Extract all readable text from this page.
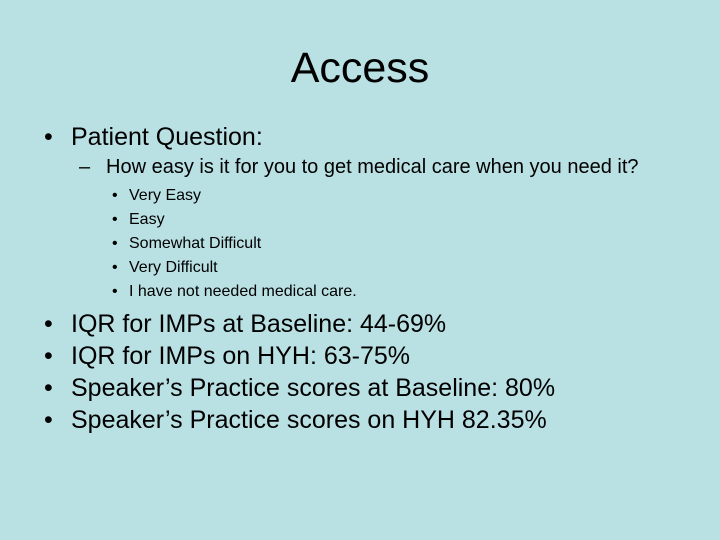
Access
• Patient Question:
– How easy is it for you to get medical care when you need it?
• Very Easy
• Easy
• Somewhat Difficult
• Very Difficult
• I have not needed medical care.
• IQR for IMPs at Baseline: 44-69%
• IQR for IMPs on HYH: 63-75%
• Speaker’s Practice scores at Baseline: 80%
• Speaker’s Practice scores on HYH 82.35%
